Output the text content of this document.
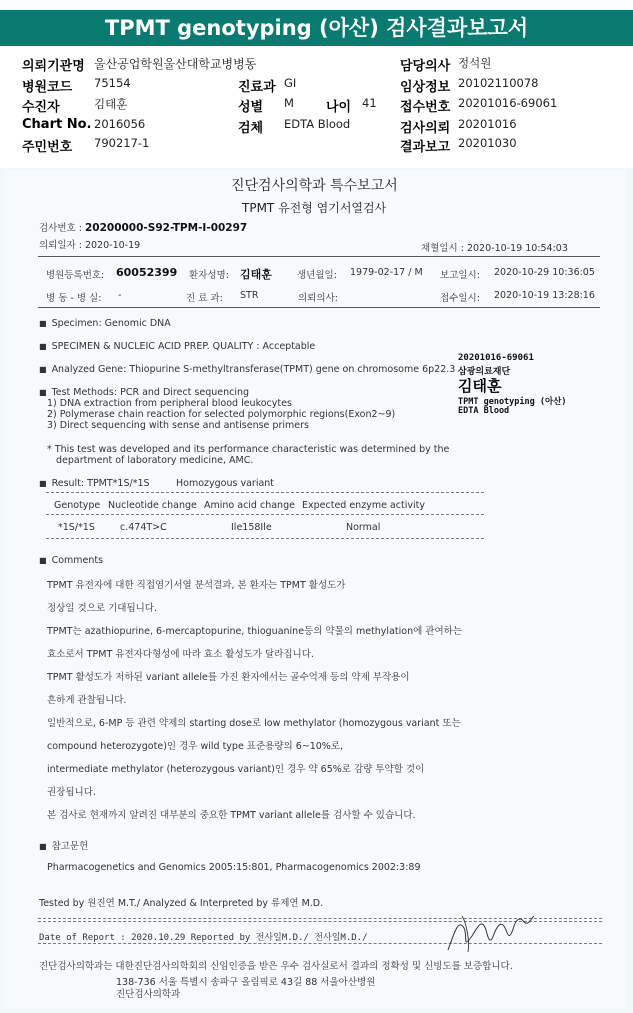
TPMT genotyping (아산) 검사결과보고서
의뢰기관명 울산공업학원울산대학교병병동	담당의사 정석원
병원코드 75154	진료과 GI	임상정보 20102110078
수진자	김태훈	성별 M 나이 41 접수번호 20201016-69061
Chart No. 2016056	검체 EDTA Blood	검사의뢰 20201016
주민번호 790217-1	결과보고 20201030
진단검사의학과 특수보고서
TPMT 유전형 염기서열검사
검사번호 : 20200000-S92-TPM-I-00297
의뢰일자 : 2020-10-19	채혈일시 : 2020-10-19 10:54:03
병원등록번호: 60052399 환자성명: 김태훈	생년월일: 1979-02-17 / M 보고일시: 2020-10-29 10:36:05
병 동 - 병 실: -	진 료 과: STR	의뢰의사:	접수일시: 2020-10-19 13:28:16
■ Specimen: Genomic DNA
■ SPECIMEN & NUCLEIC ACID PREP. QUALITY : Acceptable
■ Analyzed Gene: Thiopurine S-methyltransferase(TPMT) gene on chromosome 6p22.3
■ Test Methods: PCR and Direct sequencing
1) DNA extraction from peripheral blood leukocytes
2) Polymerase chain reaction for selected polymorphic regions(Exon2~9)
3) Direct sequencing with sense and antisense primers
* This test was developed and its performance characteristic was determined by the
department of laboratory medicine, AMC.
■ Result: TPMT*1S/*1S	Homozygous variant
Genotype Nucleotide change Amino acid change Expected enzyme activity
*1S/*1S	c.474T>C	Ile158Ile	Normal
■ Comments
TPMT 유전자에 대한 직접염기서열 분석결과, 본 환자는 TPMT 활성도가
정상일 것으로 기대됩니다.
TPMT는 azathiopurine, 6-mercaptopurine, thioguanine등의 약물의 methylation에 관여하는
효소로서 TPMT 유전자다형성에 따라 효소 활성도가 달라집니다.
TPMT 활성도가 저하된 variant allele를 가진 환자에서는 골수억제 등의 약제 부작용이
흔하게 관찰됩니다.
일반적으로, 6-MP 등 관련 약제의 starting dose로 low methylator (homozygous variant 또는
compound heterozygote)인 경우 wild type 표준용량의 6~10%로,
intermediate methylator (heterozygous variant)인 경우 약 65%로 감량 투약할 것이
권장됩니다.
본 검사로 현재까지 알려진 대부분의 중요한 TPMT variant allele를 검사할 수 있습니다.
■ 참고문헌
Pharmacogenetics and Genomics 2005:15:801, Pharmacogenomics 2002:3:89
Tested by 원진연 M.T./ Analyzed & Interpreted by 류제연 M.D.
Date of Report : 2020.10.29 Reported by 전사일M.D./ 전사일M.D./
진단검사의학과는 대한진단검사의학회의 신임인증을 받은 우수 검사실로서 결과의 정확성 및 신빙도를 보증합니다.
138-736 서울 특별시 송파구 올림픽로 43길 88 서울아산병원
진단검사의학과
20201016-69061
삼광의료재단
김태훈
TPMT genotyping (아산)
EDTA Blood
